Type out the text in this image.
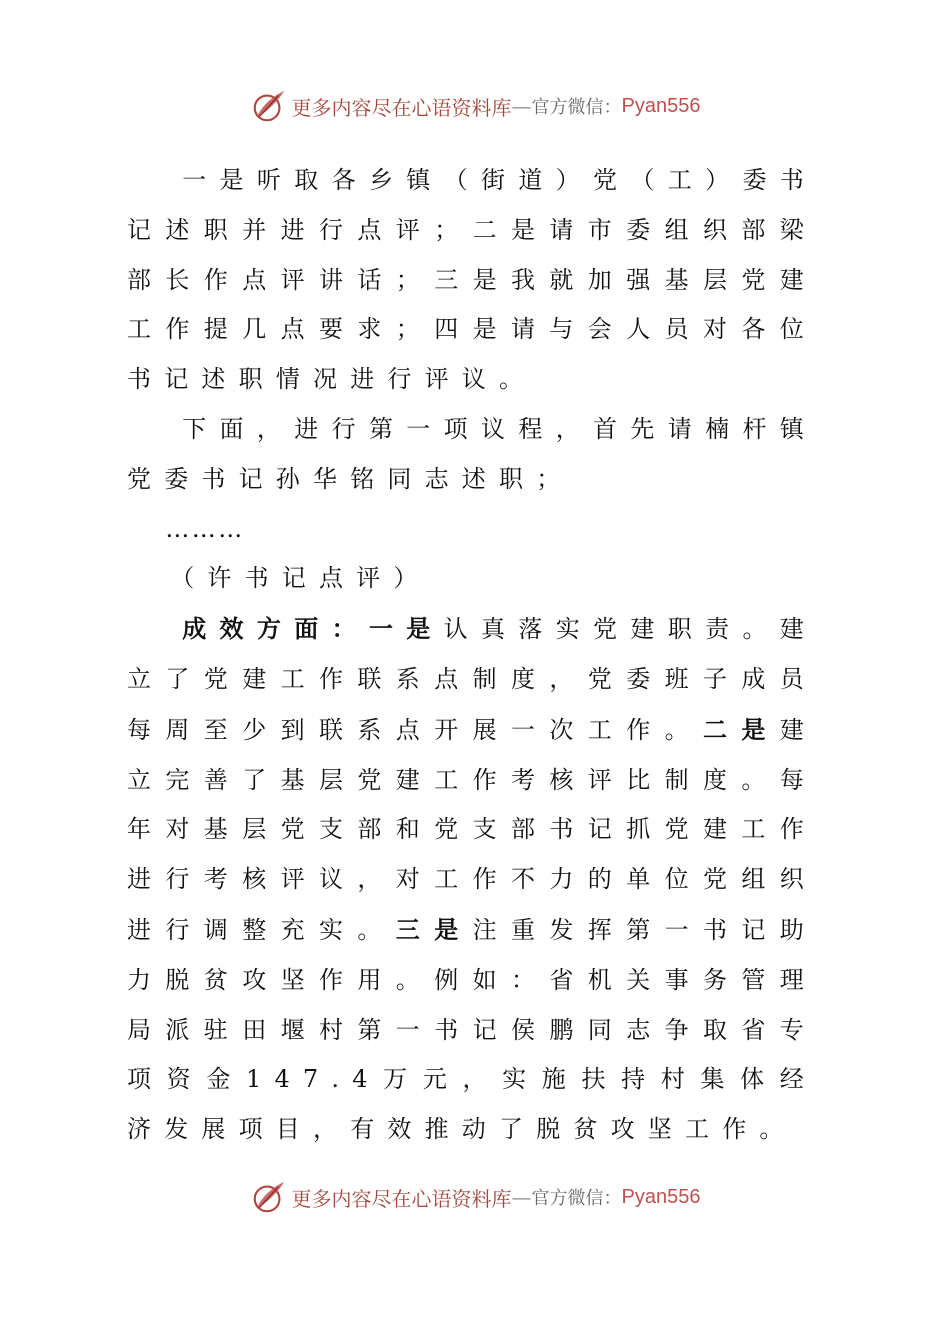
更多内容尽在心语资料库 — 官方微信： Pyan556

一是听取各乡镇（街道）党（工）委书记述职并进行点评；二是请市委组织部梁部长作点评讲话；三是我就加强基层党建工作提几点要求；四是请与会人员对各位书记述职情况进行评议。

下面，进行第一项议程，首先请楠杆镇党委书记孙华铭同志述职；

………

（许书记点评）

成效方面：一是认真落实党建职责。建立了党建工作联系点制度，党委班子成员每周至少到联系点开展一次工作。二是建立完善了基层党建工作考核评比制度。每年对基层党支部和党支部书记抓党建工作进行考核评议，对工作不力的单位党组织进行调整充实。三是注重发挥第一书记助力脱贫攻坚作用。例如：省机关事务管理局派驻田堰村第一书记侯鹏同志争取省专项资金147.4万元，实施扶持村集体经济发展项目，有效推动了脱贫攻坚工作。

更多内容尽在心语资料库 — 官方微信： Pyan556
